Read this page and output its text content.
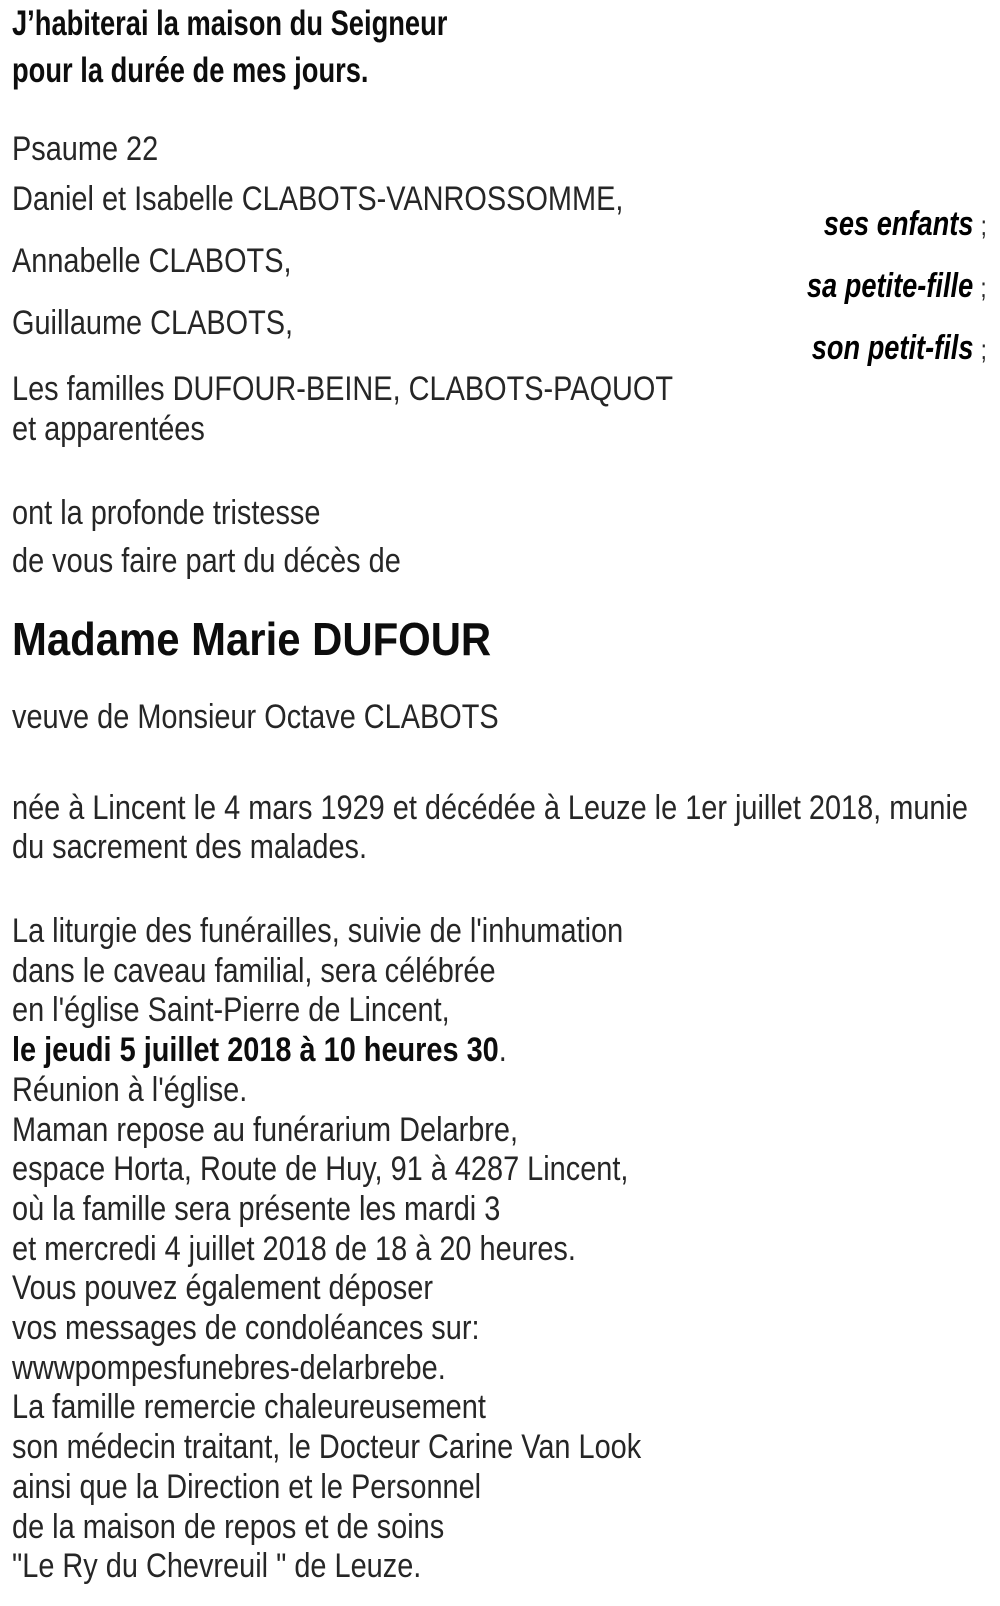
J’habiterai la maison du Seigneur
pour la durée de mes jours.
Psaume 22
Daniel et Isabelle CLABOTS-VANROSSOMME,
ses enfants ;
Annabelle CLABOTS,
sa petite-fille ;
Guillaume CLABOTS,
son petit-fils ;
Les familles DUFOUR-BEINE, CLABOTS-PAQUOT
et apparentées
ont la profonde tristesse
de vous faire part du décès de
Madame Marie DUFOUR
veuve de Monsieur Octave CLABOTS
née à Lincent le 4 mars 1929 et décédée à Leuze le 1er juillet 2018, munie
du sacrement des malades.
La liturgie des funérailles, suivie de l'inhumation
dans le caveau familial, sera célébrée
en l'église Saint-Pierre de Lincent,
le jeudi 5 juillet 2018 à 10 heures 30.
Réunion à l'église.
Maman repose au funérarium Delarbre,
espace Horta, Route de Huy, 91 à 4287 Lincent,
où la famille sera présente les mardi 3
et mercredi 4 juillet 2018 de 18 à 20 heures.
Vous pouvez également déposer
vos messages de condoléances sur:
wwwpompesfunebres-delarbrebe.
La famille remercie chaleureusement
son médecin traitant, le Docteur Carine Van Look
ainsi que la Direction et le Personnel
de la maison de repos et de soins
"Le Ry du Chevreuil " de Leuze.
